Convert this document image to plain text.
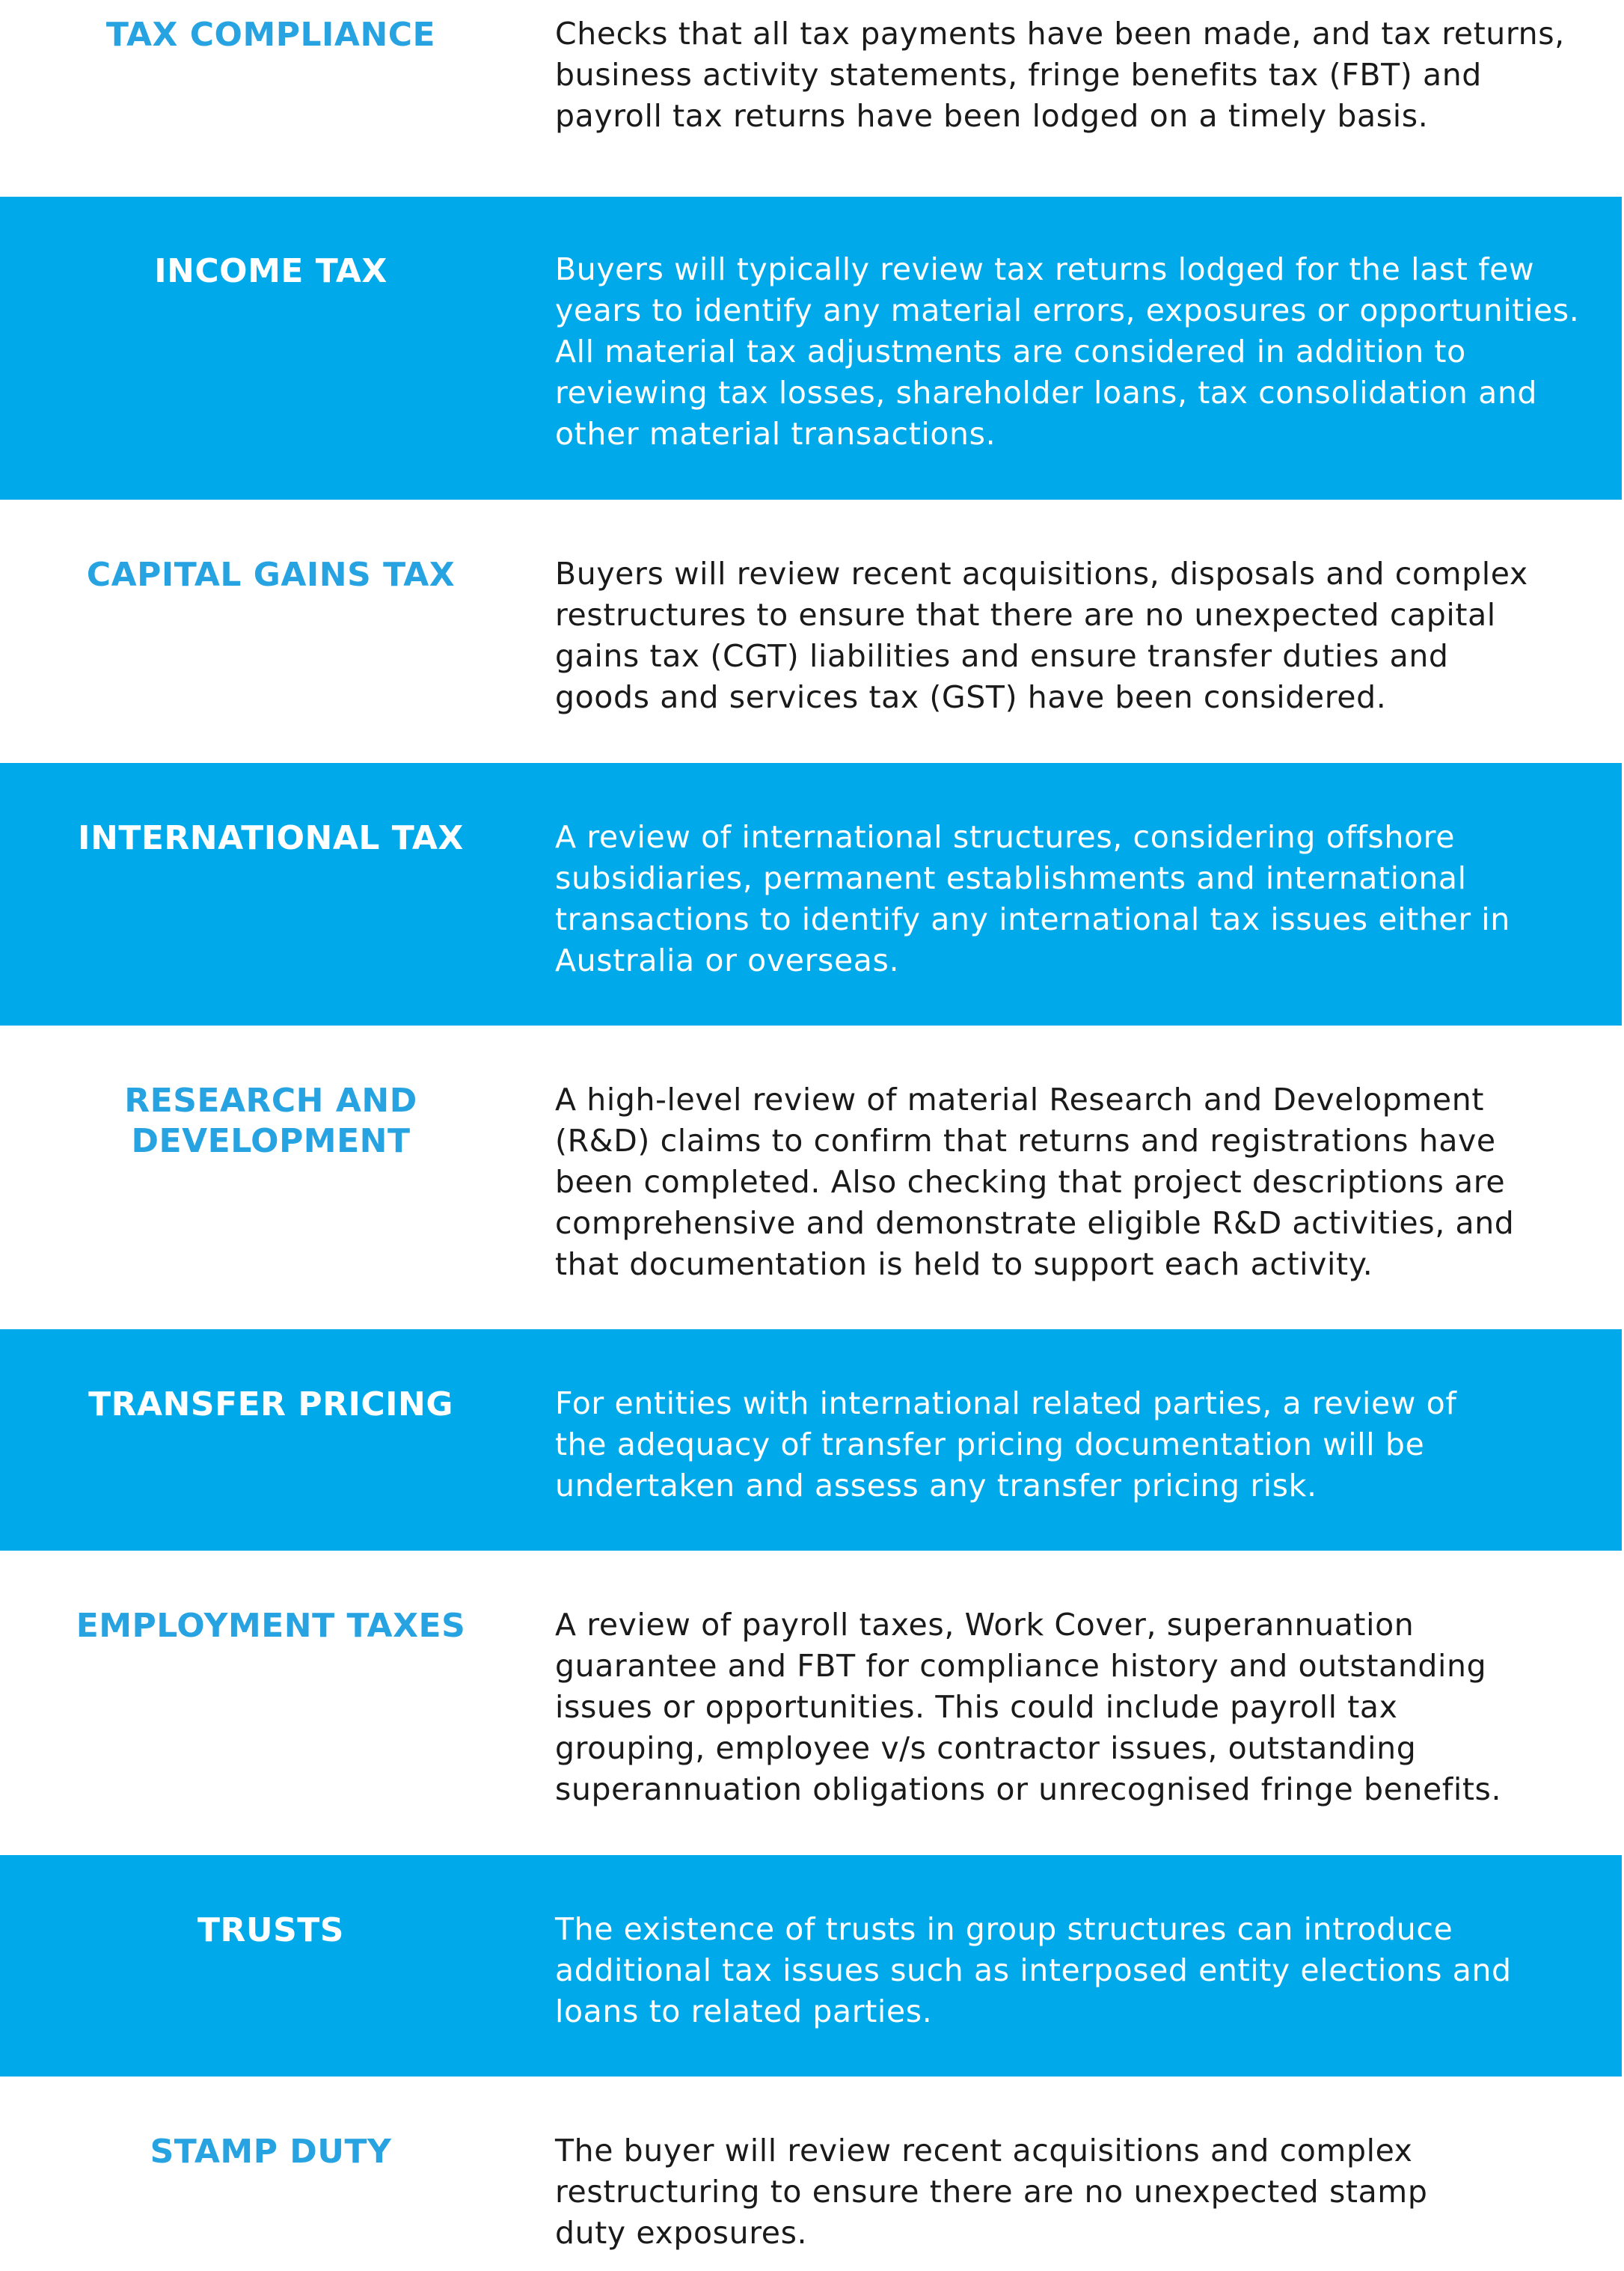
TAX COMPLIANCE	Checks that all tax payments have been made, and tax returns,
business activity statements, fringe benefits tax (FBT) and
payroll tax returns have been lodged on a timely basis.
INCOME TAX	Buyers will typically review tax returns lodged for the last few
years to identify any material errors, exposures or opportunities.
All material tax adjustments are considered in addition to
reviewing tax losses, shareholder loans, tax consolidation and
other material transactions.
CAPITAL GAINS TAX	Buyers will review recent acquisitions, disposals and complex
restructures to ensure that there are no unexpected capital
gains tax (CGT) liabilities and ensure transfer duties and
goods and services tax (GST) have been considered.
INTERNATIONAL TAX	A review of international structures, considering offshore
subsidiaries, permanent establishments and international
transactions to identify any international tax issues either in
Australia or overseas.
RESEARCH AND
DEVELOPMENT
A high-level review of material Research and Development
(R&D) claims to confirm that returns and registrations have
been completed. Also checking that project descriptions are
comprehensive and demonstrate eligible R&D activities, and
that documentation is held to support each activity.
TRANSFER PRICING	For entities with international related parties, a review of
the adequacy of transfer pricing documentation will be
undertaken and assess any transfer pricing risk.
EMPLOYMENT TAXES	A review of payroll taxes, Work Cover, superannuation
guarantee and FBT for compliance history and outstanding
issues or opportunities. This could include payroll tax
grouping, employee v/s contractor issues, outstanding
superannuation obligations or unrecognised fringe benefits.
TRUSTS	The existence of trusts in group structures can introduce
additional tax issues such as interposed entity elections and
loans to related parties.
STAMP DUTY	The buyer will review recent acquisitions and complex
restructuring to ensure there are no unexpected stamp
duty exposures.
